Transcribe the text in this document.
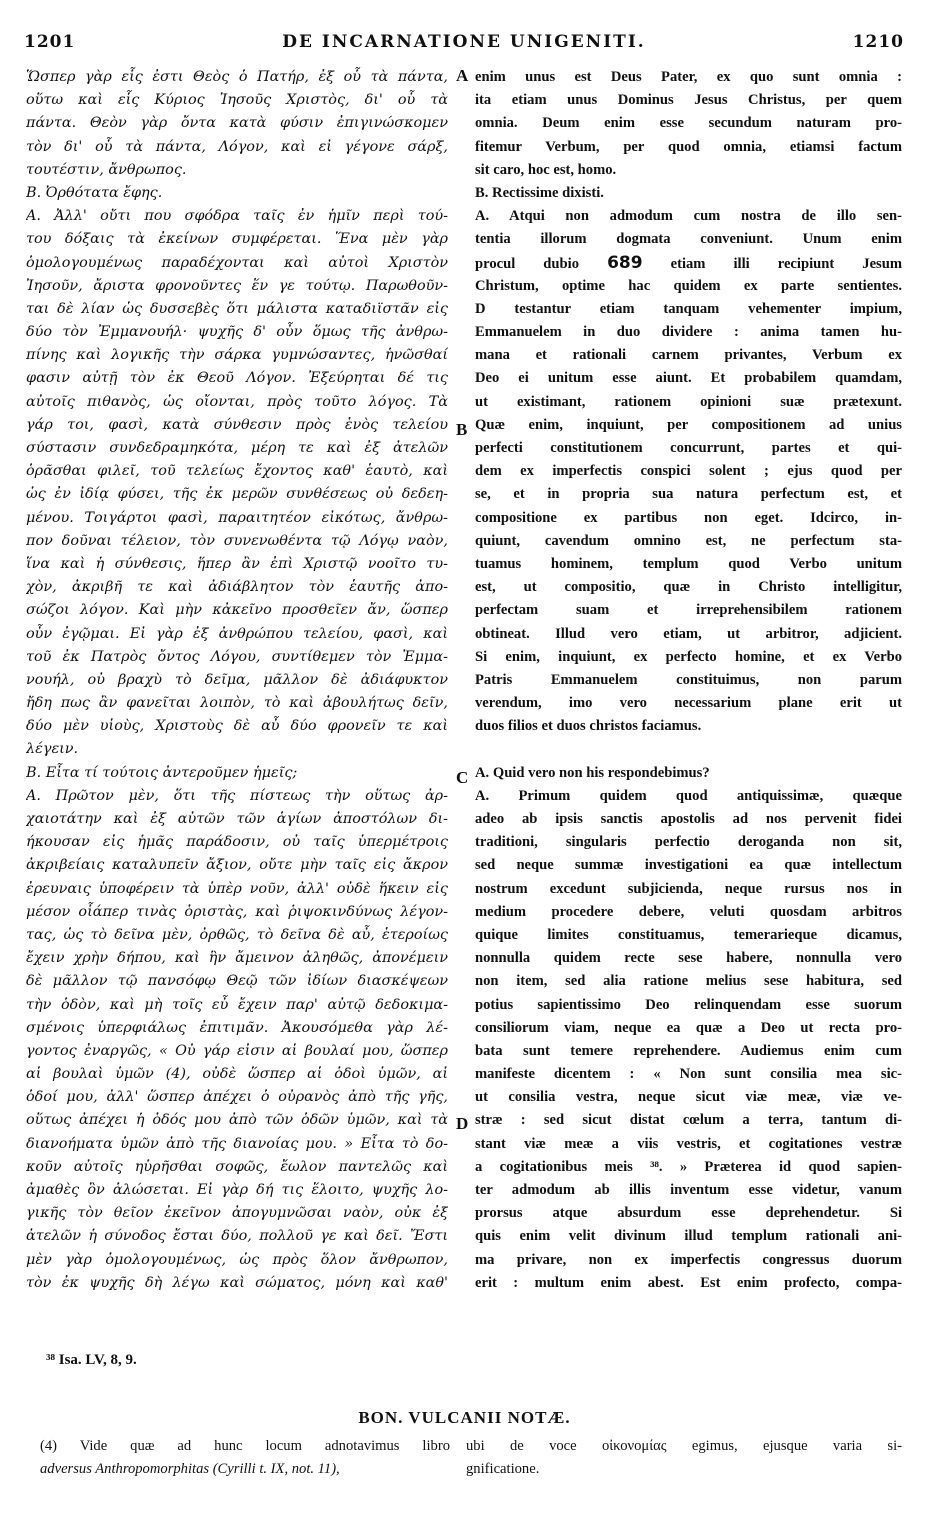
1201	DE INCARNATIONE UNIGENITI.	1210
Ὥσπερ γὰρ εἷς ἐστι Θεὸς ὁ Πατήρ, ἐξ οὗ τὰ πάντα,
οὕτω καὶ εἷς Κύριος Ἰησοῦς Χριστὸς, δι' οὗ τὰ
πάντα. Θεὸν γὰρ ὄντα κατὰ φύσιν ἐπιγινώσκομεν
τὸν δι' οὗ τὰ πάντα, Λόγον, καὶ εἰ γέγονε σάρξ,
τουτέστιν, ἄνθρωπος.
Β. Ὀρθότατα ἔφης.
Α. Ἀλλ' οὔτι που σφόδρα ταῖς ἐν ἡμῖν περὶ τού-
του δόξαις τὰ ἐκείνων συμφέρεται. Ἕνα μὲν γὰρ
ὁμολογουμένως παραδέχονται καὶ αὐτοὶ Χριστὸν
Ἰησοῦν, ἄριστα φρονοῦντες ἕν γε τούτῳ. Παρωθοῦν-
ται δὲ λίαν ὡς δυσσεβὲς ὅτι μάλιστα καταδιϊστᾶν εἰς
δύο τὸν Ἐμμανουήλ· ψυχῆς δ' οὖν ὅμως τῆς ἀνθρω-
πίνης καὶ λογικῆς τὴν σάρκα γυμνώσαντες, ἡνῶσθαί
φασιν αὐτῇ τὸν ἐκ Θεοῦ Λόγον. Ἐξεύρηται δέ τις
αὐτοῖς πιθανὸς, ὡς οἴονται, πρὸς τοῦτο λόγος. Τὰ
γάρ τοι, φασὶ, κατὰ σύνθεσιν πρὸς ἑνὸς τελείου
σύστασιν συνδεδραμηκότα, μέρη τε καὶ ἐξ ἀτελῶν
ὁρᾶσθαι φιλεῖ, τοῦ τελείως ἔχοντος καθ' ἑαυτὸ, καὶ
ὡς ἐν ἰδίᾳ φύσει, τῆς ἐκ μερῶν συνθέσεως οὐ δεδεη-
μένου. Τοιγάρτοι φασὶ, παραιτητέον εἰκότως, ἄνθρω-
πον δοῦναι τέλειον, τὸν συνενωθέντα τῷ Λόγῳ ναὸν,
ἵνα καὶ ἡ σύνθεσις, ἥπερ ἂν ἐπὶ Χριστῷ νοοῖτο τυ-
χὸν, ἀκριβῆ τε καὶ ἀδιάβλητον τὸν ἑαυτῆς ἀπο-
σώζοι λόγον. Καὶ μὴν κἀκεῖνο προσθεῖεν ἄν, ὥσπερ
οὖν ἐγῷμαι. Εἰ γὰρ ἐξ ἀνθρώπου τελείου, φασὶ, καὶ
τοῦ ἐκ Πατρὸς ὄντος Λόγου, συντίθεμεν τὸν Ἐμμα-
νουήλ, οὐ βραχὺ τὸ δεῖμα, μᾶλλον δὲ ἀδιάφυκτον
ἤδη πως ἂν φανεῖται λοιπὸν, τὸ καὶ ἀβουλήτως δεῖν,
δύο μὲν υἱοὺς, Χριστοὺς δὲ αὖ δύο φρονεῖν τε καὶ
λέγειν.
Β. Εἶτα τί τούτοις ἀντεροῦμεν ἡμεῖς;
Α. Πρῶτον μὲν, ὅτι τῆς πίστεως τὴν οὕτως ἀρ-
χαιοτάτην καὶ ἐξ αὐτῶν τῶν ἁγίων ἀποστόλων δι-
ήκουσαν εἰς ἡμᾶς παράδοσιν, οὐ ταῖς ὑπερμέτροις
ἀκριβείαις καταλυπεῖν ἄξιον, οὔτε μὴν ταῖς εἰς ἄκρον
ἐρευναις ὑποφέρειν τὰ ὑπὲρ νοῦν, ἀλλ' οὐδὲ ἥκειν εἰς
μέσον οἷάπερ τινὰς ὁριστὰς, καὶ ῥιψοκινδύνως λέγον-
τας, ὡς τὸ δεῖνα μὲν, ὀρθῶς, τὸ δεῖνα δὲ αὖ, ἑτεροίως
ἔχειν χρὴν δήπου, καὶ ἣν ἄμεινον ἀληθῶς, ἀπονέμειν
δὲ μᾶλλον τῷ πανσόφῳ Θεῷ τῶν ἰδίων διασκέψεων
τὴν ὁδὸν, καὶ μὴ τοῖς εὖ ἔχειν παρ' αὐτῷ δεδοκιμα-
σμένοις ὑπερφιάλως ἐπιτιμᾶν. Ἀκουσόμεθα γὰρ λέ-
γοντος ἐναργῶς, « Οὐ γάρ εἰσιν αἱ βουλαί μου, ὥσπερ
αἱ βουλαὶ ὑμῶν (4), οὐδὲ ὥσπερ αἱ ὁδοὶ ὑμῶν, αἱ
ὁδοί μου, ἀλλ' ὥσπερ ἀπέχει ὁ οὐρανὸς ἀπὸ τῆς γῆς,
οὕτως ἀπέχει ἡ ὁδός μου ἀπὸ τῶν ὁδῶν ὑμῶν, καὶ τὰ
διανοήματα ὑμῶν ἀπὸ τῆς διανοίας μου. » Εἶτα τὸ δο-
κοῦν αὐτοῖς ηὑρῆσθαι σοφῶς, ἔωλον παντελῶς καὶ
ἀμαθὲς ὂν ἁλώσεται. Εἰ γὰρ δή τις ἕλοιτο, ψυχῆς λο-
γικῆς τὸν θεῖον ἐκεῖνον ἀπογυμνῶσαι ναὸν, οὐκ ἐξ
ἀτελῶν ἡ σύνοδος ἔσται δύο, πολλοῦ γε καὶ δεῖ. Ἔστι
μὲν γὰρ ὁμολογουμένως, ὡς πρὸς ὅλον ἄνθρωπον,
τὸν ἐκ ψυχῆς δὴ λέγω καὶ σώματος, μόνη καὶ καθ'
enim unus est Deus Pater, ex quo sunt omnia :
ita etiam unus Dominus Jesus Christus, per quem
omnia. Deum enim esse secundum naturam pro-
fitemur Verbum, per quod omnia, etiamsi factum
sit caro, hoc est, homo.
B. Rectissime dixisti.
A. Atqui non admodum cum nostra de illo sen-
tentia illorum dogmata conveniunt. Unum enim
procul dubio 689 etiam illi recipiunt Jesum
Christum, optime hac quidem ex parte sentientes.
D testantur etiam tanquam vehementer impium,
Emmanuelem in duo dividere : anima tamen hu-
mana et rationali carnem privantes, Verbum ex
Deo ei unitum esse aiunt. Et probabilem quamdam,
ut existimant, rationem opinioni suæ prætexunt.
Quæ enim, inquiunt, per compositionem ad unius
perfecti constitutionem concurrunt, partes et qui-
dem ex imperfectis conspici solent ; ejus quod per
se, et in propria sua natura perfectum est, et
compositione ex partibus non eget. Idcirco, in-
quiunt, cavendum omnino est, ne perfectum sta-
tuamus hominem, templum quod Verbo unitum
est, ut compositio, quæ in Christo intelligitur,
perfectam suam et irreprehensibilem rationem
obtineat. Illud vero etiam, ut arbitror, adjicient.
Si enim, inquiunt, ex perfecto homine, et ex Verbo
Patris Emmanuelem constituimus, non parum
verendum, imo vero necessarium plane erit ut
duos filios et duos christos faciamus.
A. Quid vero non his respondebimus?
A. Primum quidem quod antiquissimæ, quæque
adeo ab ipsis sanctis apostolis ad nos pervenit fidei
traditioni, singularis perfectio deroganda non sit,
sed neque summæ investigationi ea quæ intellectum
nostrum excedunt subjicienda, neque rursus nos in
medium procedere debere, veluti quosdam arbitros
quique limites constituamus, temerarieque dicamus,
nonnulla quidem recte sese habere, nonnulla vero
non item, sed alia ratione melius sese habitura, sed
potius sapientissimo Deo relinquendam esse suorum
consiliorum viam, neque ea quæ a Deo ut recta pro-
bata sunt temere reprehendere. Audiemus enim cum
manifeste dicentem : « Non sunt consilia mea sic-
ut consilia vestra, neque sicut viæ meæ, viæ ve-
stræ : sed sicut distat cœlum a terra, tantum di-
stant viæ meæ a viis vestris, et cogitationes vestræ
a cogitationibus meis ³⁸. » Præterea id quod sapien-
ter admodum ab illis inventum esse videtur, vanum
prorsus atque absurdum esse deprehendetur. Si
quis enim velit divinum illud templum rationali ani-
ma privare, non ex imperfectis congressus duorum
erit : multum enim abest. Est enim profecto, compa-
A
B
C
D
³⁸ Isa. LV, 8, 9.
BON. VULCANII NOTÆ.
(4) Vide quæ ad hunc locum adnotavimus libro
adversus Anthropomorphitas (Cyrilli t. IX, not. 11),
ubi de voce οἰκονομίας egimus, ejusque varia si-
gnificatione.
